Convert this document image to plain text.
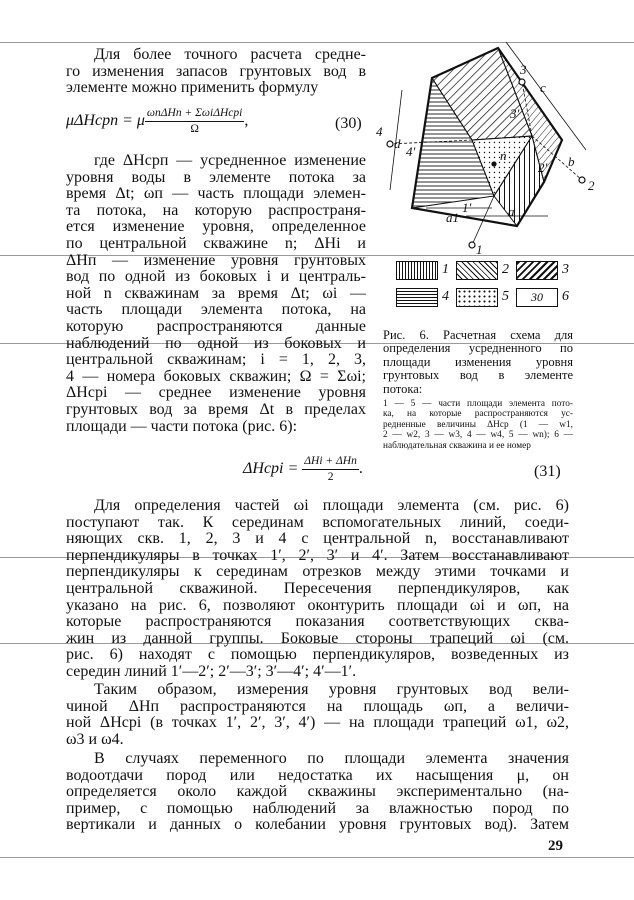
Для более точного расчета средне-

го изменения запасов грунтовых вод в

элементе можно применить формулу

μΔHсрп = μ $\frac{\text{ωпΔHп + ΣωiΔHcpi}}{\Omega}$ ,	(30)

где ΔHсрп — усредненное изменение

уровня воды в элементе потока за

время Δt; ωп — часть площади элемен-

та потока, на которую распространя-

ется изменение уровня, определенное

по центральной скважине n; ΔHi и

ΔHп — изменение уровня грунтовых

вод по одной из боковых i и централь-

ной n скважинам за время Δt; ωi —

часть площади элемента потока, на

которую распространяются данные

наблюдений по одной из боковых и

центральной скважинам; i = 1, 2, 3,

4 — номера боковых скважин; Ω = Σωi;

ΔHcpi — среднее изменение уровня

грунтовых вод за время Δt в пределах

площади — части потока (рис. 6):

3
c
b
3′
4
d
4′
2′
n
2
a1
1′
1
a
1	2	3
4	5	30	6

Рис. 6. Расчетная схема для

определения усредненного по

площади изменения уровня

грунтовых вод в элементе

потока:

1 — 5 — части площади элемента пото-

ка, на которые распространяются ус-

редненные величины ΔHср (1 — w1,

2 — w2, 3 — w3, 4 — w4, 5 — wn); 6 —

наблюдательная скважина и ее номер

ΔHcpi = $\frac{\text{ΔHi + ΔHп}}{2}$ .	(31)

Для определения частей ωi площади элемента (см. рис. 6)

поступают так. К серединам вспомогательных линий, соеди-

няющих скв. 1, 2, 3 и 4 с центральной n, восстанавливают

перпендикуляры в точках 1′, 2′, 3′ и 4′. Затем восстанавливают

перпендикуляры к серединам отрезков между этими точками и

центральной скважиной. Пересечения перпендикуляров, как

указано на рис. 6, позволяют оконтурить площади ωi и ωп, на

которые распространяются показания соответствующих сква-

жин из данной группы. Боковые стороны трапеций ωi (см.

рис. 6) находят с помощью перпендикуляров, возведенных из

середин линий 1′—2′; 2′—3′; 3′—4′; 4′—1′.

Таким образом, измерения уровня грунтовых вод вели-

чиной ΔHп распространяются на площадь ωп, а величи-

ной ΔHcpi (в точках 1′, 2′, 3′, 4′) — на площади трапеций ω1, ω2,

ω3 и ω4.

В случаях переменного по площади элемента значения

водоотдачи пород или недостатка их насыщения μ, он

определяется около каждой скважины экспериментально (на-

пример, с помощью наблюдений за влажностью пород по

вертикали и данных о колебании уровня грунтовых вод). Затем

29
